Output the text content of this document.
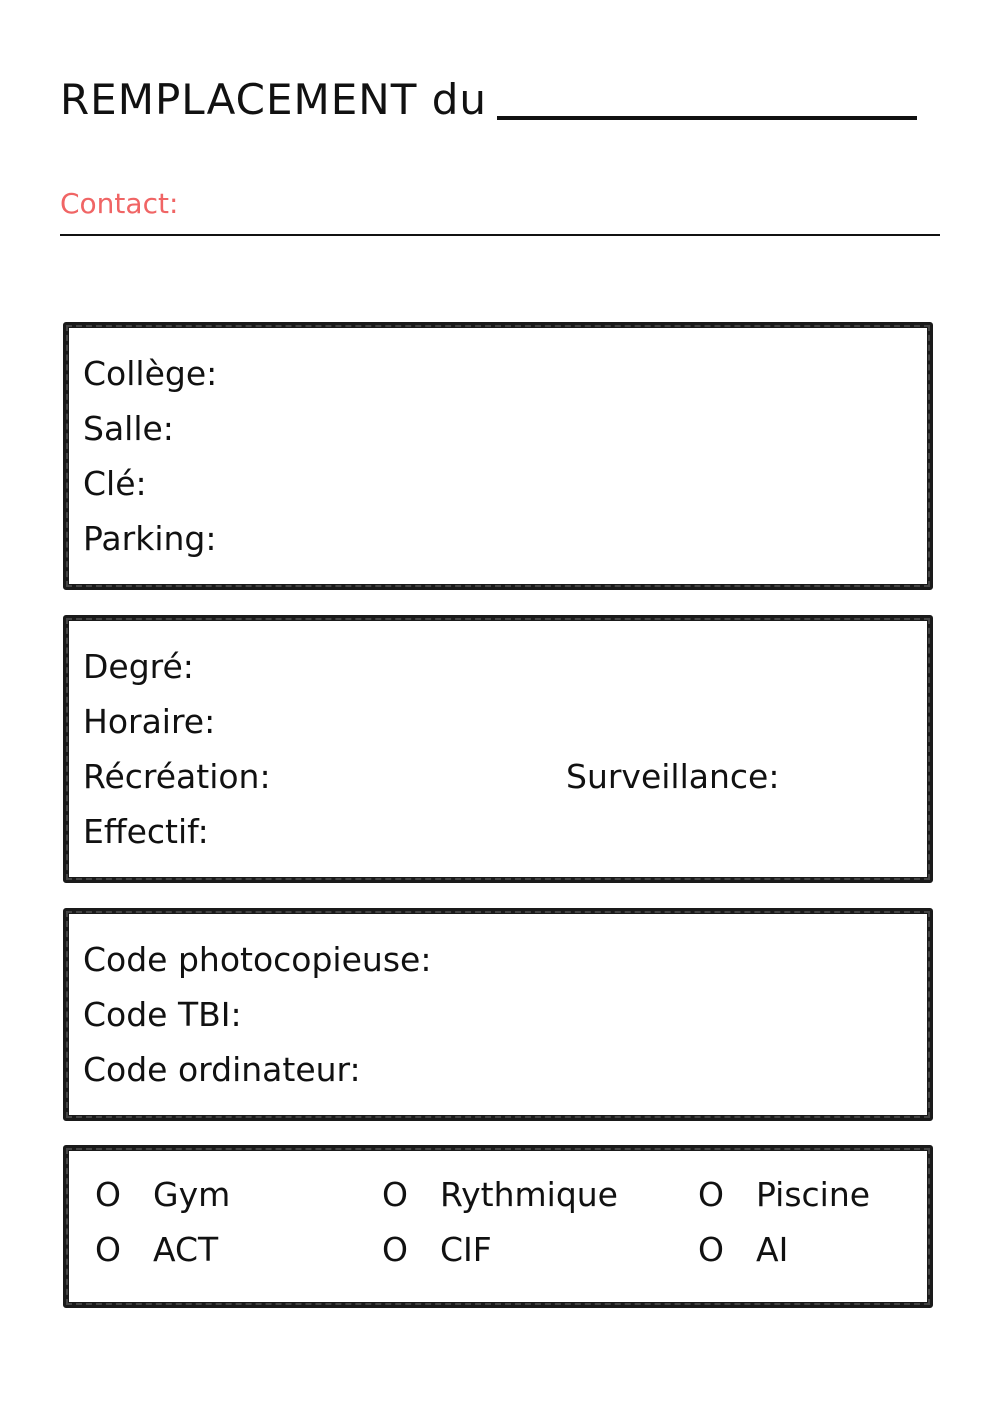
REMPLACEMENT du
Contact:
Collège:
Salle:
Clé:
Parking:
Degré:
Horaire:
Récréation:	Surveillance:
Effectif:
Code photocopieuse:
Code TBI:
Code ordinateur:
O Gym	O Rythmique O Piscine
O ACT	O CIF	O AI
